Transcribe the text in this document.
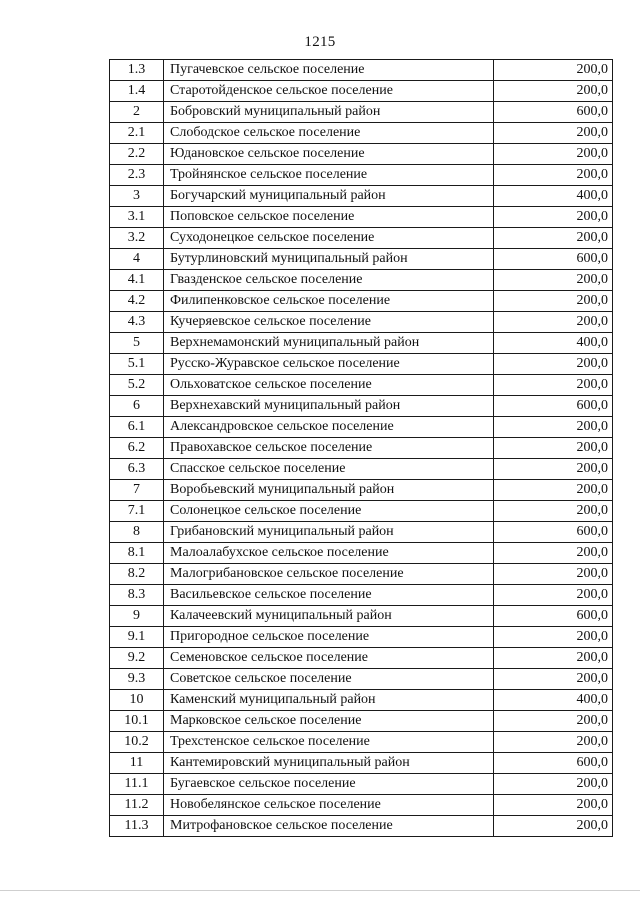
1215
1.3	Пугачевское сельское поселение	200,0
1.4	Старотойденское сельское поселение	200,0
2	Бобровский муниципальный район	600,0
2.1	Слободское сельское поселение	200,0
2.2	Юдановское сельское поселение	200,0
2.3	Тройнянское сельское поселение	200,0
3	Богучарский муниципальный район	400,0
3.1	Поповское сельское поселение	200,0
3.2	Суходонецкое сельское поселение	200,0
4	Бутурлиновский муниципальный район	600,0
4.1	Гвазденское сельское поселение	200,0
4.2	Филипенковское сельское поселение	200,0
4.3	Кучеряевское сельское поселение	200,0
5	Верхнемамонский муниципальный район	400,0
5.1	Русско-Журавское сельское поселение	200,0
5.2	Ольховатское сельское поселение	200,0
6	Верхнехавский муниципальный район	600,0
6.1	Александровское сельское поселение	200,0
6.2	Правохавское сельское поселение	200,0
6.3	Спасское сельское поселение	200,0
7	Воробьевский муниципальный район	200,0
7.1	Солонецкое сельское поселение	200,0
8	Грибановский муниципальный район	600,0
8.1	Малоалабухское сельское поселение	200,0
8.2	Малогрибановское сельское поселение	200,0
8.3	Васильевское сельское поселение	200,0
9	Калачеевский муниципальный район	600,0
9.1	Пригородное сельское поселение	200,0
9.2	Семеновское сельское поселение	200,0
9.3	Советское сельское поселение	200,0
10	Каменский муниципальный район	400,0
10.1	Марковское сельское поселение	200,0
10.2	Трехстенское сельское поселение	200,0
11	Кантемировский муниципальный район	600,0
11.1	Бугаевское сельское поселение	200,0
11.2	Новобелянское сельское поселение	200,0
11.3	Митрофановское сельское поселение	200,0
